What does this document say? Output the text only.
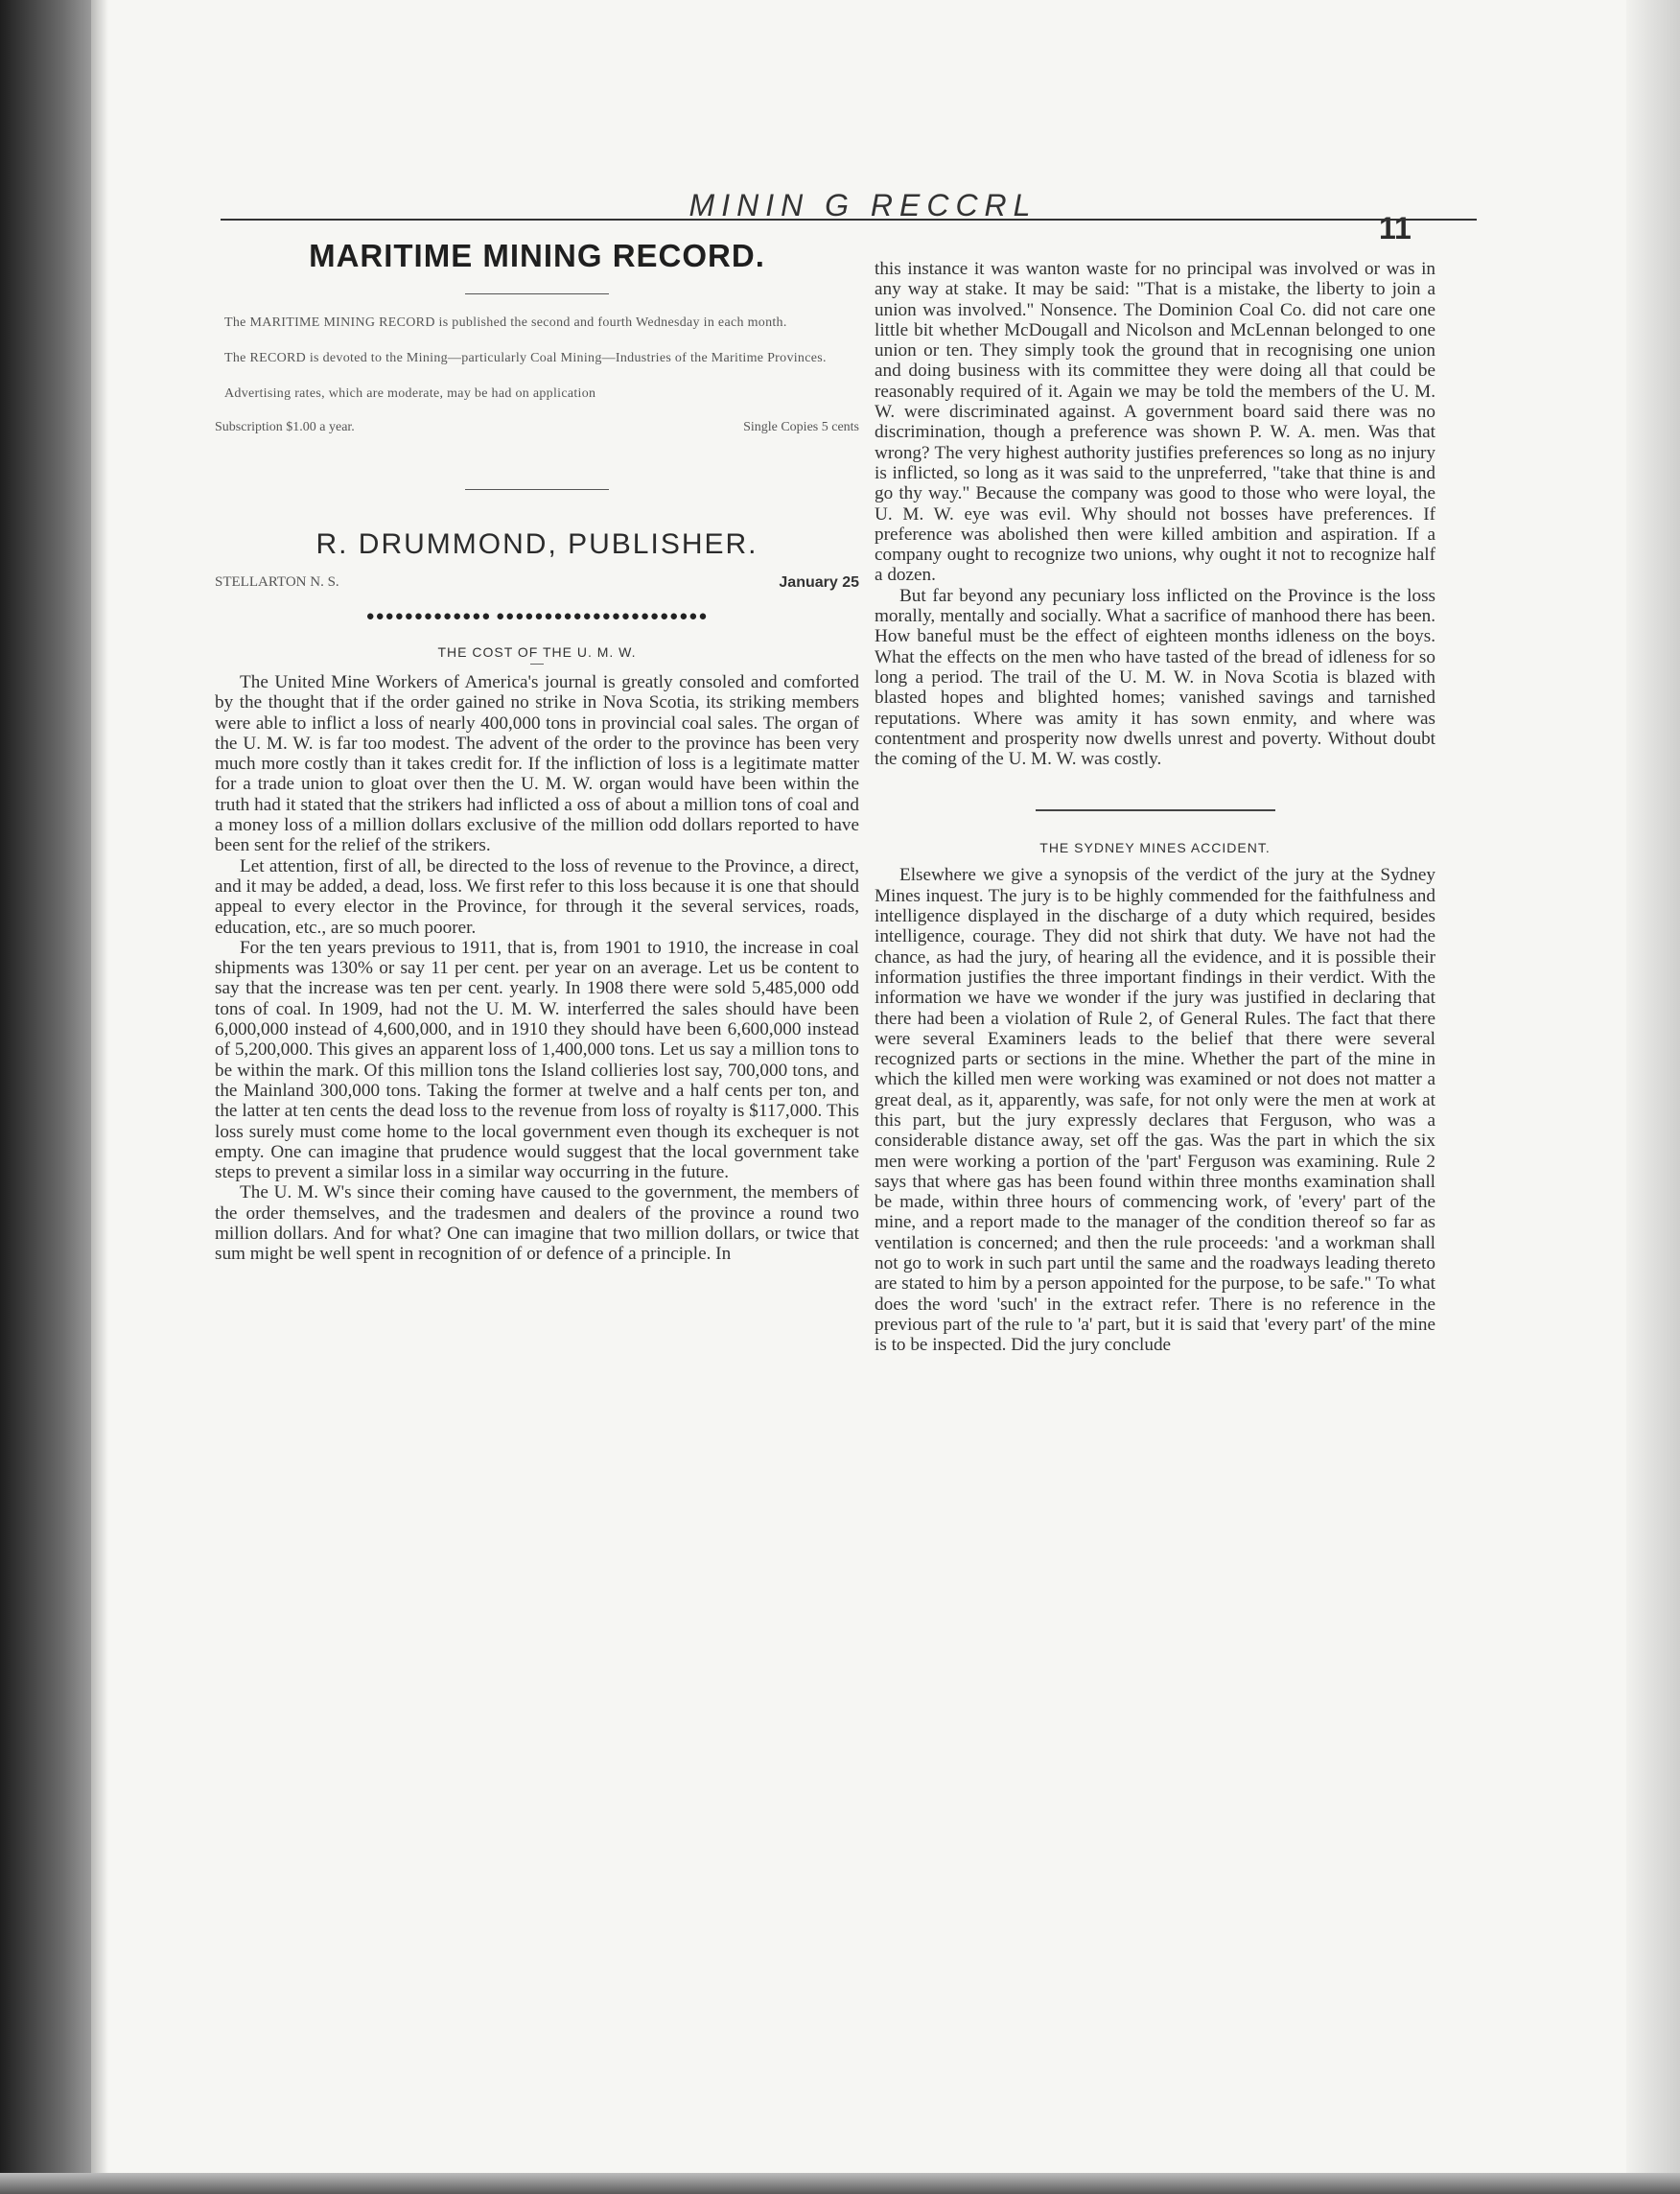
MININ G RECCRL
11
MARITIME MINING RECORD.

The MARITIME MINING RECORD is published the second and fourth Wednesday in each month.

The RECORD is devoted to the Mining—particularly Coal Mining—Industries of the Maritime Provinces.

Advertising rates, which are moderate, may be had on application

Subscription $1.00 a year.	Single Copies 5 cents
R. DRUMMOND, PUBLISHER.
STELLARTON N. S.	January 25
●●●●●●●●●●●●● ●●●●●●●●●●●●●●●●●●●●●●
THE COST OF THE U. M. W.

The United Mine Workers of America's journal is greatly consoled and comforted by the thought that if the order gained no strike in Nova Scotia, its striking members were able to inflict a loss of nearly 400,000 tons in provincial coal sales. The organ of the U. M. W. is far too modest. The advent of the order to the province has been very much more costly than it takes credit for. If the infliction of loss is a legitimate matter for a trade union to gloat over then the U. M. W. organ would have been within the truth had it stated that the strikers had inflicted a oss of about a million tons of coal and a money loss of a million dollars exclusive of the million odd dollars reported to have been sent for the relief of the strikers.

Let attention, first of all, be directed to the loss of revenue to the Province, a direct, and it may be added, a dead, loss. We first refer to this loss because it is one that should appeal to every elector in the Province, for through it the several services, roads, education, etc., are so much poorer.

For the ten years previous to 1911, that is, from 1901 to 1910, the increase in coal shipments was 130% or say 11 per cent. per year on an average. Let us be content to say that the increase was ten per cent. yearly. In 1908 there were sold 5,485,000 odd tons of coal. In 1909, had not the U. M. W. interferred the sales should have been 6,000,000 instead of 4,600,000, and in 1910 they should have been 6,600,000 instead of 5,200,000. This gives an apparent loss of 1,400,000 tons. Let us say a million tons to be within the mark. Of this million tons the Island collieries lost say, 700,000 tons, and the Mainland 300,000 tons. Taking the former at twelve and a half cents per ton, and the latter at ten cents the dead loss to the revenue from loss of royalty is $117,000. This loss surely must come home to the local government even though its exchequer is not empty. One can imagine that prudence would suggest that the local government take steps to prevent a similar loss in a similar way occurring in the future.

The U. M. W's since their coming have caused to the government, the members of the order themselves, and the tradesmen and dealers of the province a round two million dollars. And for what? One can imagine that two million dollars, or twice that sum might be well spent in recognition of or defence of a principle. In

this instance it was wanton waste for no principal was involved or was in any way at stake. It may be said: "That is a mistake, the liberty to join a union was involved." Nonsence. The Dominion Coal Co. did not care one little bit whether McDougall and Nicolson and McLennan belonged to one union or ten. They simply took the ground that in recognising one union and doing business with its committee they were doing all that could be reasonably required of it. Again we may be told the members of the U. M. W. were discriminated against. A government board said there was no discrimination, though a preference was shown P. W. A. men. Was that wrong? The very highest authority justifies preferences so long as no injury is inflicted, so long as it was said to the unpreferred, "take that thine is and go thy way." Because the company was good to those who were loyal, the U. M. W. eye was evil. Why should not bosses have preferences. If preference was abolished then were killed ambition and aspiration. If a company ought to recognize two unions, why ought it not to recognize half a dozen.

But far beyond any pecuniary loss inflicted on the Province is the loss morally, mentally and socially. What a sacrifice of manhood there has been. How baneful must be the effect of eighteen months idleness on the boys. What the effects on the men who have tasted of the bread of idleness for so long a period. The trail of the U. M. W. in Nova Scotia is blazed with blasted hopes and blighted homes; vanished savings and tarnished reputations. Where was amity it has sown enmity, and where was contentment and prosperity now dwells unrest and poverty. Without doubt the coming of the U. M. W. was costly.

THE SYDNEY MINES ACCIDENT.

Elsewhere we give a synopsis of the verdict of the jury at the Sydney Mines inquest. The jury is to be highly commended for the faithfulness and intelligence displayed in the discharge of a duty which required, besides intelligence, courage. They did not shirk that duty. We have not had the chance, as had the jury, of hearing all the evidence, and it is possible their information justifies the three important findings in their verdict. With the information we have we wonder if the jury was justified in declaring that there had been a violation of Rule 2, of General Rules. The fact that there were several Examiners leads to the belief that there were several recognized parts or sections in the mine. Whether the part of the mine in which the killed men were working was examined or not does not matter a great deal, as it, apparently, was safe, for not only were the men at work at this part, but the jury expressly declares that Ferguson, who was a considerable distance away, set off the gas. Was the part in which the six men were working a portion of the 'part' Ferguson was examining. Rule 2 says that where gas has been found within three months examination shall be made, within three hours of commencing work, of 'every' part of the mine, and a report made to the manager of the condition thereof so far as ventilation is concerned; and then the rule proceeds: 'and a workman shall not go to work in such part until the same and the roadways leading thereto are stated to him by a person appointed for the purpose, to be safe." To what does the word 'such' in the extract refer. There is no reference in the previous part of the rule to 'a' part, but it is said that 'every part' of the mine is to be inspected. Did the jury conclude
